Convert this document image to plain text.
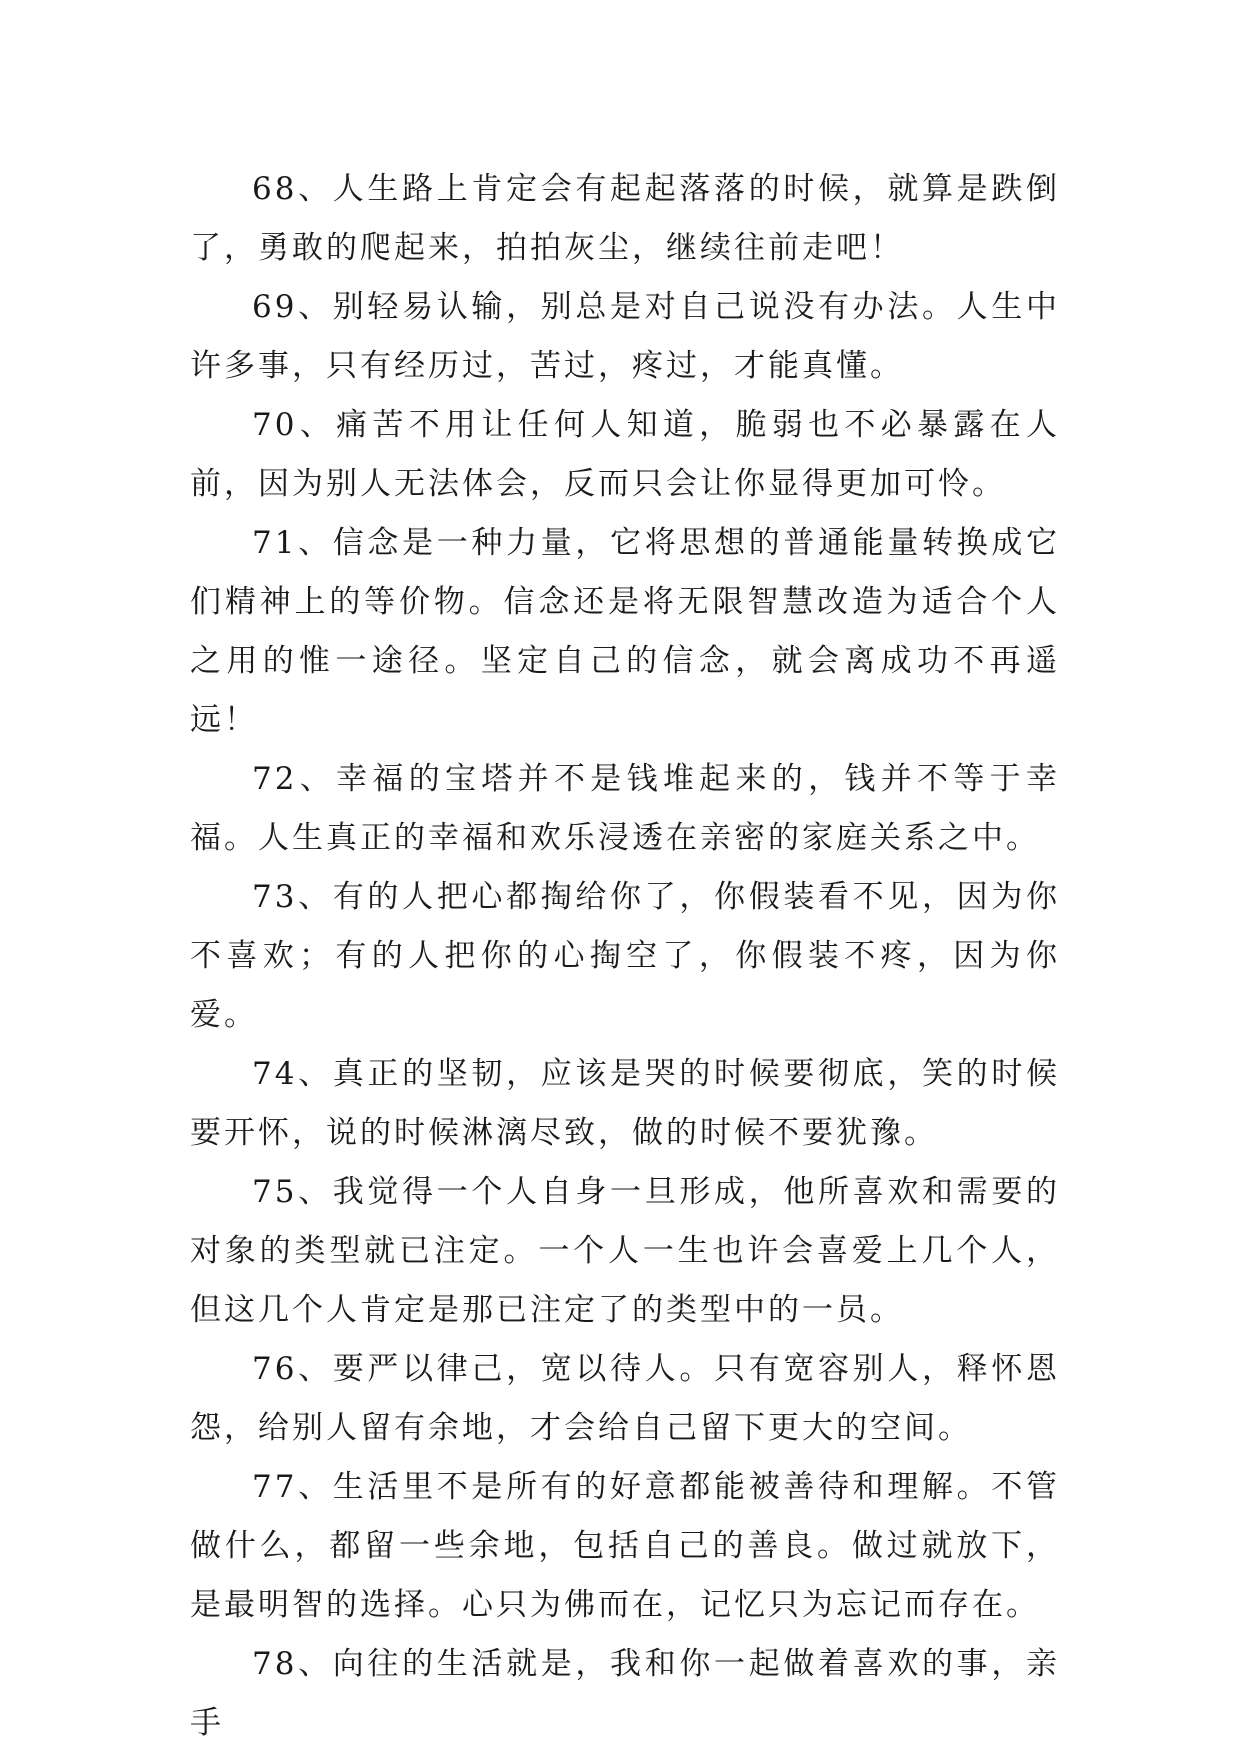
68、人生路上肯定会有起起落落的时候，就算是跌倒了，勇敢的爬起来，拍拍灰尘，继续往前走吧！

69、别轻易认输，别总是对自己说没有办法。人生中许多事，只有经历过，苦过，疼过，才能真懂。

70、痛苦不用让任何人知道，脆弱也不必暴露在人前，因为别人无法体会，反而只会让你显得更加可怜。

71、信念是一种力量，它将思想的普通能量转换成它们精神上的等价物。信念还是将无限智慧改造为适合个人之用的惟一途径。坚定自己的信念，就会离成功不再遥远！

72、幸福的宝塔并不是钱堆起来的，钱并不等于幸福。人生真正的幸福和欢乐浸透在亲密的家庭关系之中。

73、有的人把心都掏给你了，你假装看不见，因为你不喜欢；有的人把你的心掏空了，你假装不疼，因为你爱。

74、真正的坚韧，应该是哭的时候要彻底，笑的时候要开怀，说的时候淋漓尽致，做的时候不要犹豫。

75、我觉得一个人自身一旦形成，他所喜欢和需要的对象的类型就已注定。一个人一生也许会喜爱上几个人，但这几个人肯定是那已注定了的类型中的一员。

76、要严以律己，宽以待人。只有宽容别人，释怀恩怨，给别人留有余地，才会给自己留下更大的空间。

77、生活里不是所有的好意都能被善待和理解。不管做什么，都留一些余地，包括自己的善良。做过就放下，是最明智的选择。心只为佛而在，记忆只为忘记而存在。

78、向往的生活就是，我和你一起做着喜欢的事，亲手
